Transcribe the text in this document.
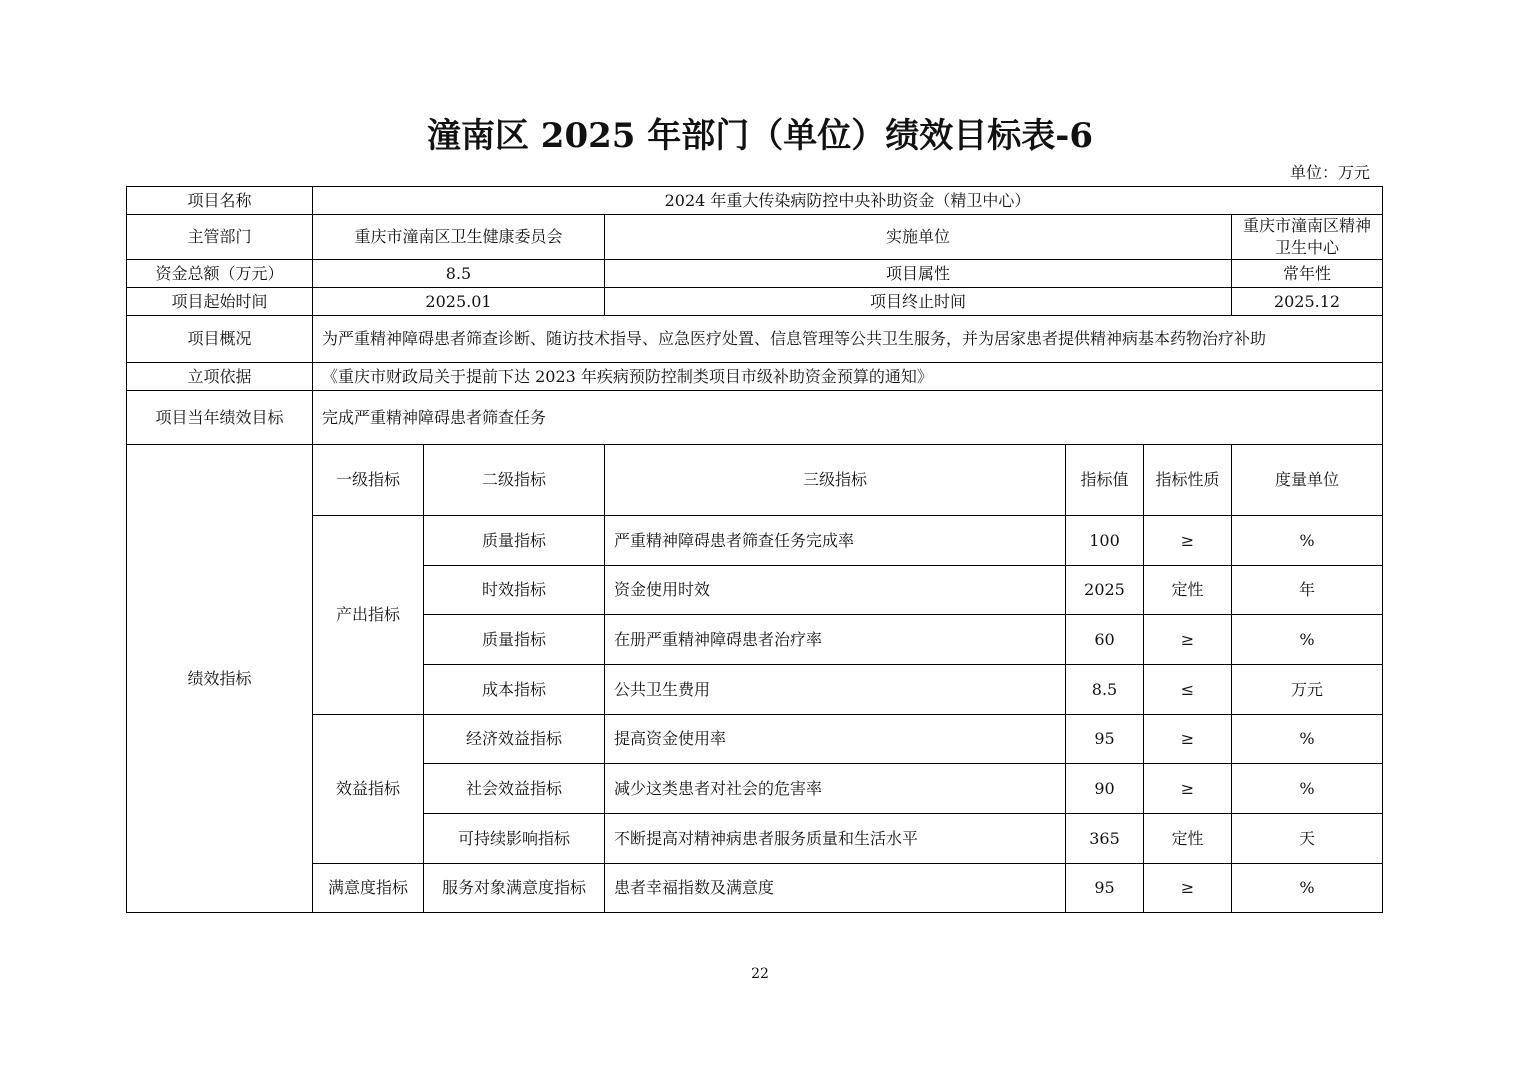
潼南区 2025 年部门（单位）绩效目标表-6
单位：万元
项目名称	2024 年重大传染病防控中央补助资金（精卫中心）					
主管部门	重庆市潼南区卫生健康委员会		实施单位			重庆市潼南区精神卫生中心
资金总额（万元）	8.5		项目属性			常年性
项目起始时间	2025.01		项目终止时间			2025.12
项目概况	为严重精神障碍患者筛查诊断、随访技术指导、应急医疗处置、信息管理等公共卫生服务，并为居家患者提供精神病基本药物治疗补助					
立项依据	《重庆市财政局关于提前下达 2023 年疾病预防控制类项目市级补助资金预算的通知》					
项目当年绩效目标	完成严重精神障碍患者筛查任务					
绩效指标	一级指标	二级指标	三级指标	指标值	指标性质	度量单位
	产出指标	质量指标	严重精神障碍患者筛查任务完成率	100	≥	%
		时效指标	资金使用时效	2025	定性	年
		质量指标	在册严重精神障碍患者治疗率	60	≥	%
		成本指标	公共卫生费用	8.5	≤	万元
	效益指标	经济效益指标	提高资金使用率	95	≥	%
		社会效益指标	减少这类患者对社会的危害率	90	≥	%
		可持续影响指标	不断提高对精神病患者服务质量和生活水平	365	定性	天
	满意度指标	服务对象满意度指标	患者幸福指数及满意度	95	≥	%
22
